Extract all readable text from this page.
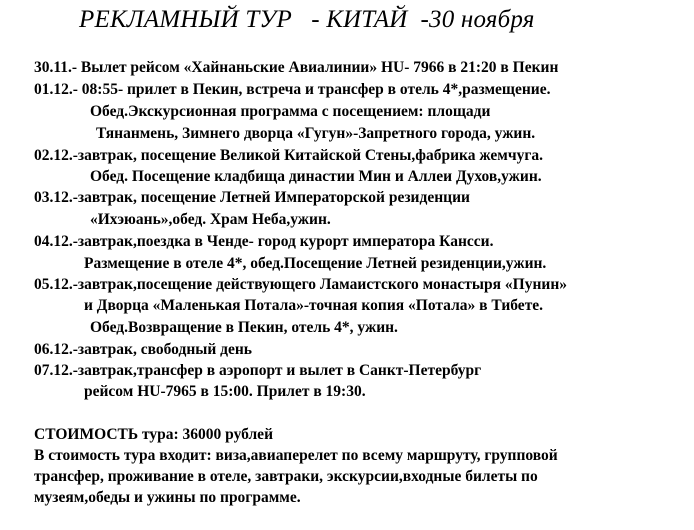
РЕКЛАМНЫЙ ТУР   - КИТАЙ  -30 ноября
30.11.- Вылет рейсом «Хайнаньские Авиалинии» HU- 7966 в 21:20 в Пекин
01.12.- 08:55- прилет в Пекин, встреча и трансфер в отель 4*,размещение.
Обед.Экскурсионная программа с посещением: площади
Тянанмень, Зимнего дворца «Гугун»-Запретного города, ужин.
02.12.-завтрак, посещение Великой Китайской Стены,фабрика жемчуга.
Обед. Посещение кладбища династии Мин и Аллеи Духов,ужин.
03.12.-завтрак, посещение Летней Императорской резиденции
«Ихэюань»,обед. Храм Неба,ужин.
04.12.-завтрак,поездка в Ченде- город курорт императора Кансси.
Размещение в отеле 4*, обед.Посещение Летней резиденции,ужин.
05.12.-завтрак,посещение действующего Ламаистского монастыря «Пунин»
и Дворца «Маленькая Потала»-точная копия «Потала» в Тибете.
Обед.Возвращение в Пекин, отель 4*, ужин.
06.12.-завтрак, свободный день
07.12.-завтрак,трансфер в аэропорт и вылет в Санкт-Петербург
рейсом HU-7965 в 15:00. Прилет в 19:30.
СТОИМОСТЬ тура: 36000 рублей
В стоимость тура входит: виза,авиаперелет по всему маршруту, групповой
трансфер, проживание в отеле, завтраки, экскурсии,входные билеты по
музеям,обеды и ужины по программе.
